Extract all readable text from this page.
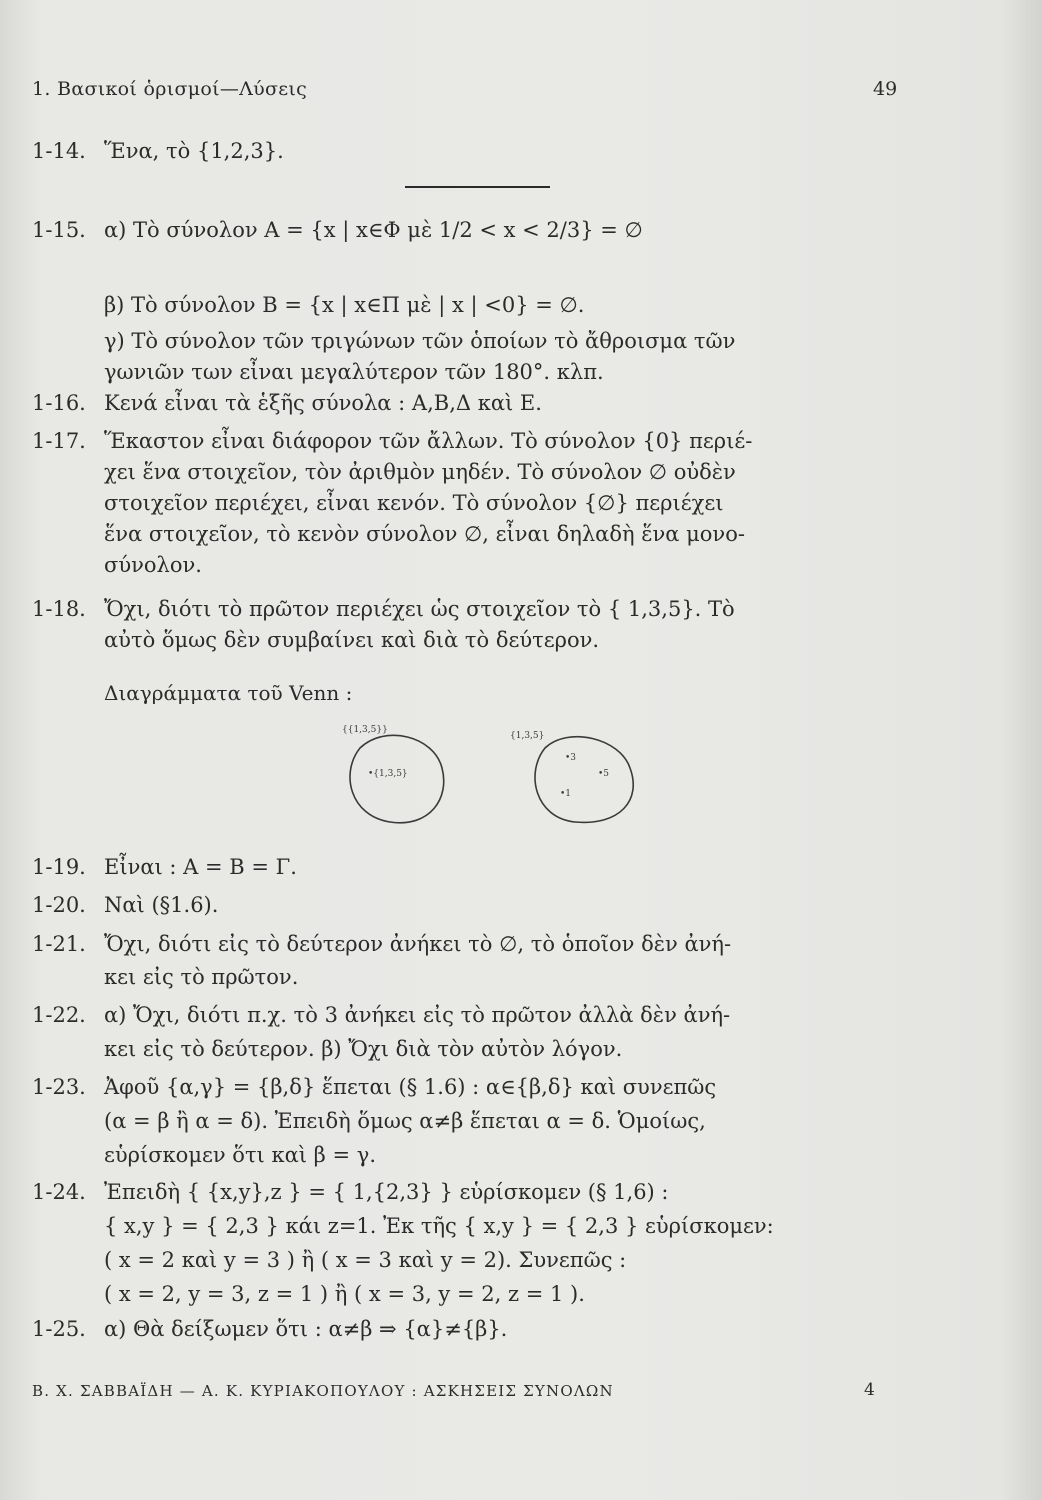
1. Βασικοί ὁρισμοί—Λύσεις	49
1-14. Ἕνα, τὸ {1,2,3}.
1-15. α) Τὸ σύνολον Α = {x | x∈Φ μὲ 1/2 < x < 2/3} = ∅
β) Τὸ σύνολον Β = {x | x∈Π μὲ | x | <0} = ∅.
γ) Τὸ σύνολον τῶν τριγώνων τῶν ὁποίων τὸ ἄθροισμα τῶν
γωνιῶν των εἶναι μεγαλύτερον τῶν 180°. κλπ.
1-16. Κενά εἶναι τὰ ἑξῆς σύνολα : Α,Β,Δ καὶ Ε.
1-17. Ἕκαστον εἶναι διάφορον τῶν ἄλλων. Τὸ σύνολον {0} περιέ-
χει ἕνα στοιχεῖον, τὸν ἀριθμὸν μηδέν. Τὸ σύνολον ∅ οὐδὲν
στοιχεῖον περιέχει, εἶναι κενόν. Τὸ σύνολον {∅} περιέχει
ἕνα στοιχεῖον, τὸ κενὸν σύνολον ∅, εἶναι δηλαδὴ ἕνα μονο-
σύνολον.
1-18. Ὄχι, διότι τὸ πρῶτον περιέχει ὡς στοιχεῖον τὸ { 1,3,5}. Τὸ
αὐτὸ ὅμως δὲν συμβαίνει καὶ διὰ τὸ δεύτερον.
Διαγράμματα τοῦ Venn :
{{1,3,5}}
•{1,3,5}
{1,3,5}
•3
•5
•1
1-19. Εἶναι : Α = Β = Γ.
1-20. Ναὶ (§1.6).
1-21. Ὄχι, διότι εἰς τὸ δεύτερον ἀνήκει τὸ ∅, τὸ ὁποῖον δὲν ἀνή-
κει εἰς τὸ πρῶτον.
1-22. α) Ὄχι, διότι π.χ. τὸ 3 ἀνήκει εἰς τὸ πρῶτον ἀλλὰ δὲν ἀνή-
κει εἰς τὸ δεύτερον. β) Ὄχι διὰ τὸν αὐτὸν λόγον.
1-23. Ἀφοῦ {α,γ} = {β,δ} ἕπεται (§ 1.6) : α∈{β,δ} καὶ συνεπῶς
(α = β ἢ α = δ). Ἐπειδὴ ὅμως α≠β ἕπεται α = δ. Ὁμοίως,
εὑρίσκομεν ὅτι καὶ β = γ.
1-24. Ἐπειδὴ { {x,y},z } = { 1,{2,3} } εὑρίσκομεν (§ 1,6) :
{ x,y } = { 2,3 } κάι z=1. Ἐκ τῆς { x,y } = { 2,3 } εὑρίσκομεν:
( x = 2 καὶ y = 3 ) ἢ ( x = 3 καὶ y = 2). Συνεπῶς :
( x = 2, y = 3, z = 1 ) ἢ ( x = 3, y = 2, z = 1 ).
1-25. α) Θὰ δείξωμεν ὅτι : α≠β ⇒ {α}≠{β}.
Β. Χ. ΣΑΒΒΑΪΔΗ — Α. Κ. ΚΥΡΙΑΚΟΠΟΥΛΟΥ : ΑΣΚΗΣΕΙΣ ΣΥΝΟΛΩΝ	4
